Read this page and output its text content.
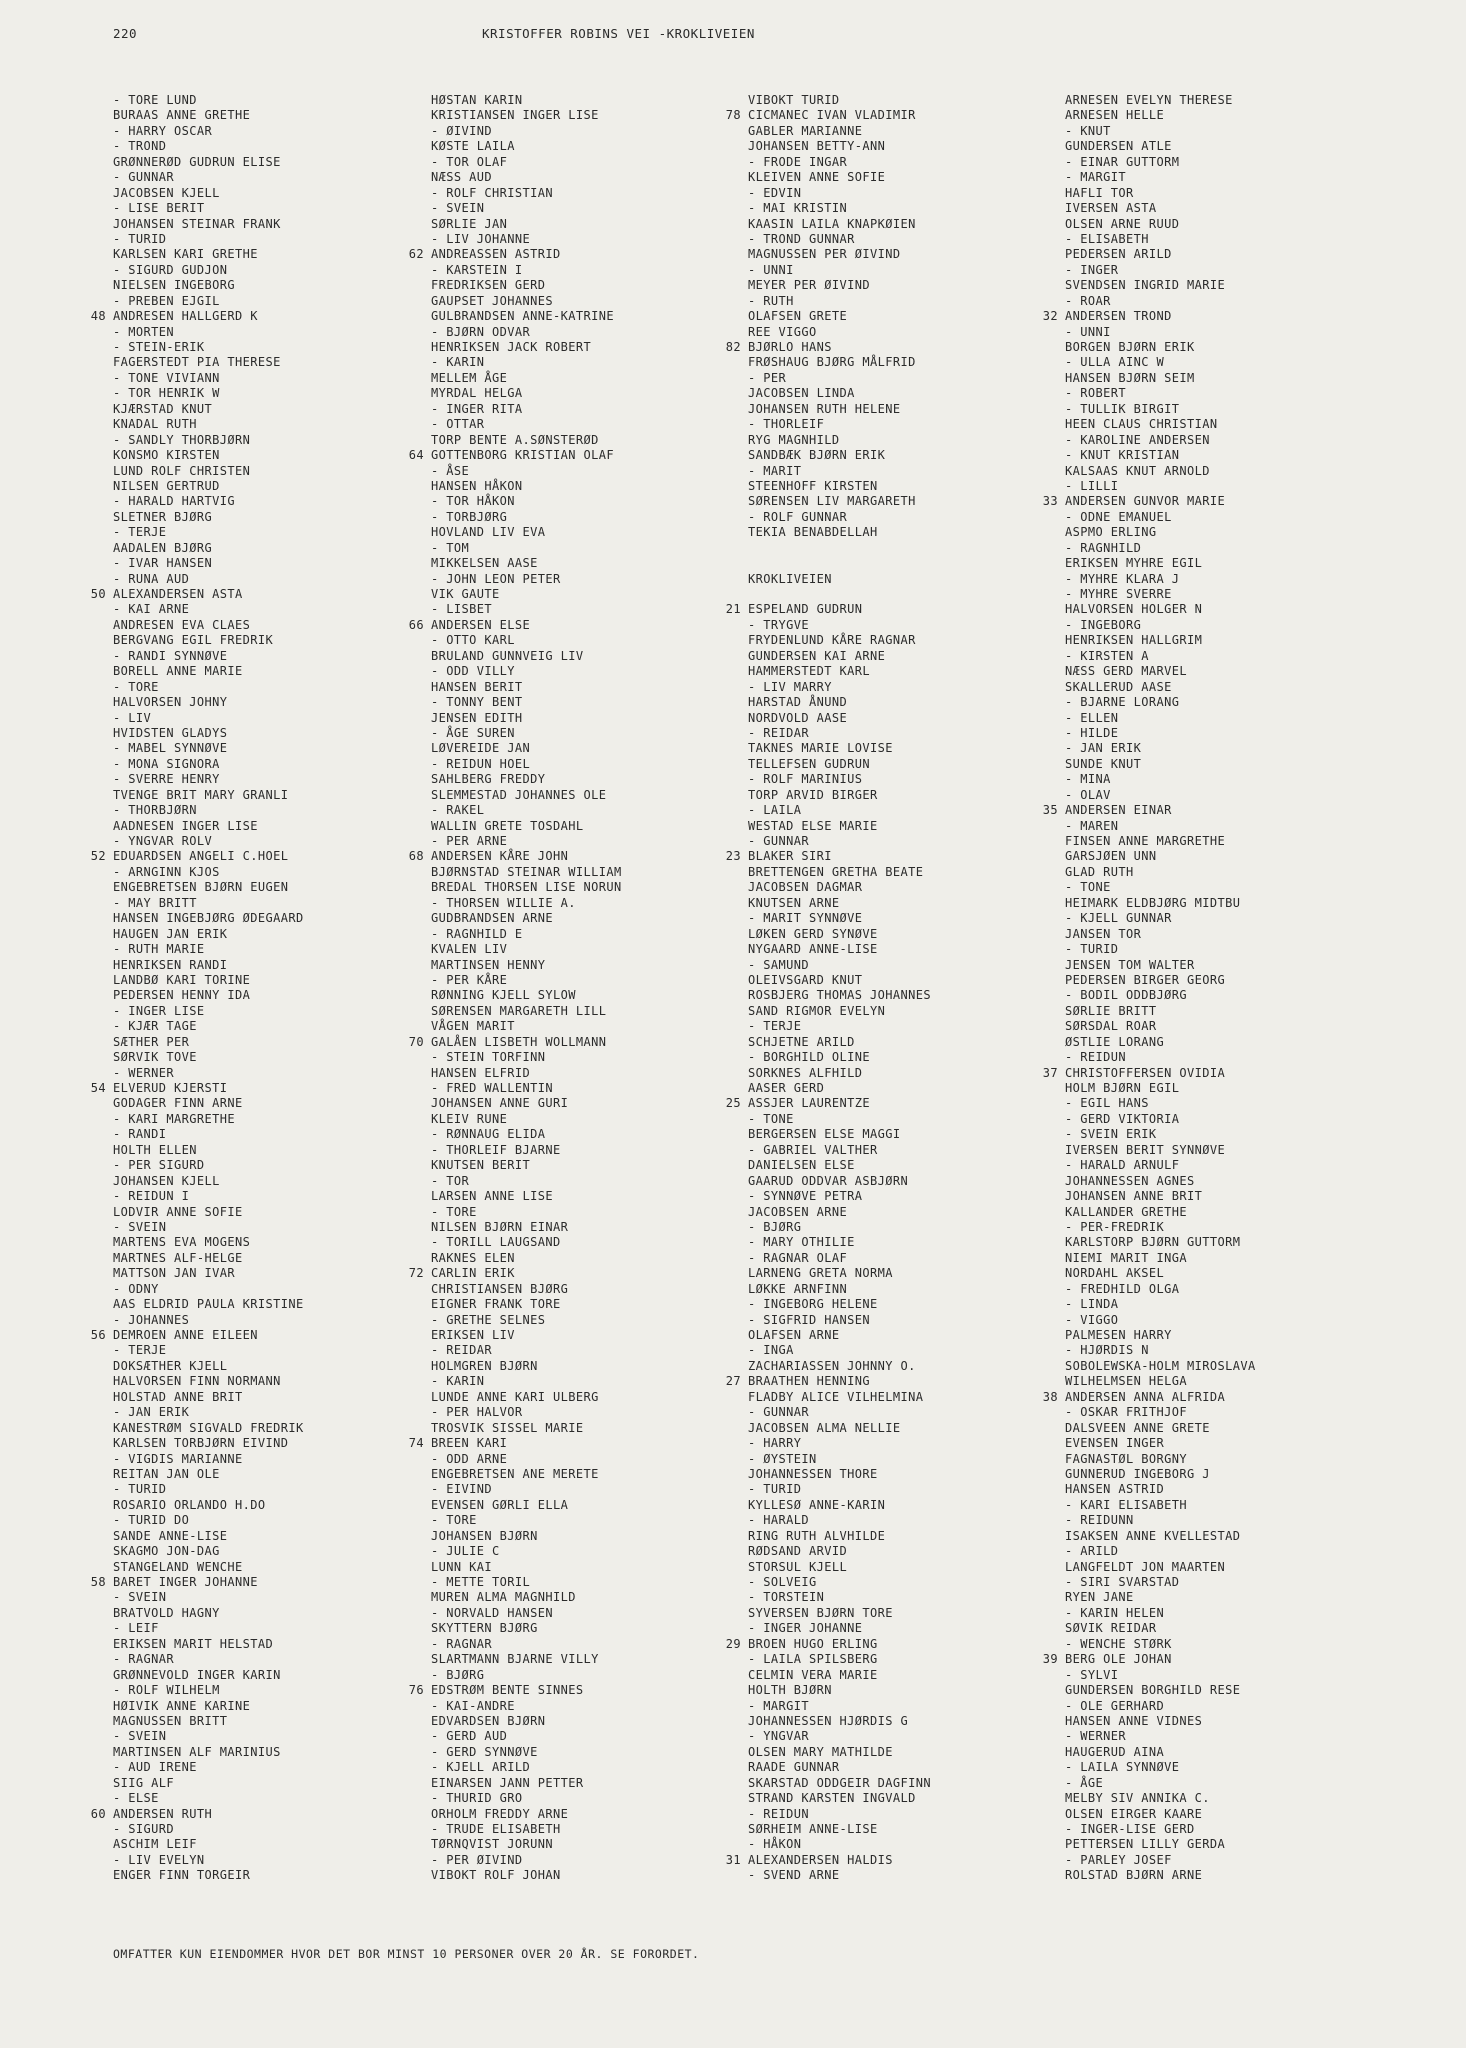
220	KRISTOFFER ROBINS VEI -KROKLIVEIEN
- TORE LUND
BURAAS ANNE GRETHE
- HARRY OSCAR
- TROND
GRØNNERØD GUDRUN ELISE
- GUNNAR
JACOBSEN KJELL
- LISE BERIT
JOHANSEN STEINAR FRANK
- TURID
KARLSEN KARI GRETHE
- SIGURD GUDJON
NIELSEN INGEBORG
- PREBEN EJGIL
48 ANDRESEN HALLGERD K
- MORTEN
- STEIN-ERIK
FAGERSTEDT PIA THERESE
- TONE VIVIANN
- TOR HENRIK W
KJÆRSTAD KNUT
KNADAL RUTH
- SANDLY THORBJØRN
KONSMO KIRSTEN
LUND ROLF CHRISTEN
NILSEN GERTRUD
- HARALD HARTVIG
SLETNER BJØRG
- TERJE
AADALEN BJØRG
- IVAR HANSEN
- RUNA AUD
50 ALEXANDERSEN ASTA
- KAI ARNE
ANDRESEN EVA CLAES
BERGVANG EGIL FREDRIK
- RANDI SYNNØVE
BORELL ANNE MARIE
- TORE
HALVORSEN JOHNY
- LIV
HVIDSTEN GLADYS
- MABEL SYNNØVE
- MONA SIGNORA
- SVERRE HENRY
TVENGE BRIT MARY GRANLI
- THORBJØRN
AADNESEN INGER LISE
- YNGVAR ROLV
52 EDUARDSEN ANGELI C.HOEL
- ARNGINN KJOS
ENGEBRETSEN BJØRN EUGEN
- MAY BRITT
HANSEN INGEBJØRG ØDEGAARD
HAUGEN JAN ERIK
- RUTH MARIE
HENRIKSEN RANDI
LANDBØ KARI TORINE
PEDERSEN HENNY IDA
- INGER LISE
- KJÆR TAGE
SÆTHER PER
SØRVIK TOVE
- WERNER
54 ELVERUD KJERSTI
GODAGER FINN ARNE
- KARI MARGRETHE
- RANDI
HOLTH ELLEN
- PER SIGURD
JOHANSEN KJELL
- REIDUN I
LODVIR ANNE SOFIE
- SVEIN
MARTENS EVA MOGENS
MARTNES ALF-HELGE
MATTSON JAN IVAR
- ODNY
AAS ELDRID PAULA KRISTINE
- JOHANNES
56 DEMROEN ANNE EILEEN
- TERJE
DOKSÆTHER KJELL
HALVORSEN FINN NORMANN
HOLSTAD ANNE BRIT
- JAN ERIK
KANESTRØM SIGVALD FREDRIK
KARLSEN TORBJØRN EIVIND
- VIGDIS MARIANNE
REITAN JAN OLE
- TURID
ROSARIO ORLANDO H.DO
- TURID DO
SANDE ANNE-LISE
SKAGMO JON-DAG
STANGELAND WENCHE
58 BARET INGER JOHANNE
- SVEIN
BRATVOLD HAGNY
- LEIF
ERIKSEN MARIT HELSTAD
- RAGNAR
GRØNNEVOLD INGER KARIN
- ROLF WILHELM
HØIVIK ANNE KARINE
MAGNUSSEN BRITT
- SVEIN
MARTINSEN ALF MARINIUS
- AUD IRENE
SIIG ALF
- ELSE
60 ANDERSEN RUTH
- SIGURD
ASCHIM LEIF
- LIV EVELYN
ENGER FINN TORGEIR
HØSTAN KARIN
KRISTIANSEN INGER LISE
- ØIVIND
KØSTE LAILA
- TOR OLAF
NÆSS AUD
- ROLF CHRISTIAN
- SVEIN
SØRLIE JAN
- LIV JOHANNE
62 ANDREASSEN ASTRID
- KARSTEIN I
FREDRIKSEN GERD
GAUPSET JOHANNES
GULBRANDSEN ANNE-KATRINE
- BJØRN ODVAR
HENRIKSEN JACK ROBERT
- KARIN
MELLEM ÅGE
MYRDAL HELGA
- INGER RITA
- OTTAR
TORP BENTE A.SØNSTERØD
64 GOTTENBORG KRISTIAN OLAF
- ÅSE
HANSEN HÅKON
- TOR HÅKON
- TORBJØRG
HOVLAND LIV EVA
- TOM
MIKKELSEN AASE
- JOHN LEON PETER
VIK GAUTE
- LISBET
66 ANDERSEN ELSE
- OTTO KARL
BRULAND GUNNVEIG LIV
- ODD VILLY
HANSEN BERIT
- TONNY BENT
JENSEN EDITH
- ÅGE SUREN
LØVEREIDE JAN
- REIDUN HOEL
SAHLBERG FREDDY
SLEMMESTAD JOHANNES OLE
- RAKEL
WALLIN GRETE TOSDAHL
- PER ARNE
68 ANDERSEN KÅRE JOHN
BJØRNSTAD STEINAR WILLIAM
BREDAL THORSEN LISE NORUN
- THORSEN WILLIE A.
GUDBRANDSEN ARNE
- RAGNHILD E
KVALEN LIV
MARTINSEN HENNY
- PER KÅRE
RØNNING KJELL SYLOW
SØRENSEN MARGARETH LILL
VÅGEN MARIT
70 GALÅEN LISBETH WOLLMANN
- STEIN TORFINN
HANSEN ELFRID
- FRED WALLENTIN
JOHANSEN ANNE GURI
KLEIV RUNE
- RØNNAUG ELIDA
- THORLEIF BJARNE
KNUTSEN BERIT
- TOR
LARSEN ANNE LISE
- TORE
NILSEN BJØRN EINAR
- TORILL LAUGSAND
RAKNES ELEN
72 CARLIN ERIK
CHRISTIANSEN BJØRG
EIGNER FRANK TORE
- GRETHE SELNES
ERIKSEN LIV
- REIDAR
HOLMGREN BJØRN
- KARIN
LUNDE ANNE KARI ULBERG
- PER HALVOR
TROSVIK SISSEL MARIE
74 BREEN KARI
- ODD ARNE
ENGEBRETSEN ANE MERETE
- EIVIND
EVENSEN GØRLI ELLA
- TORE
JOHANSEN BJØRN
- JULIE C
LUNN KAI
- METTE TORIL
MUREN ALMA MAGNHILD
- NORVALD HANSEN
SKYTTERN BJØRG
- RAGNAR
SLARTMANN BJARNE VILLY
- BJØRG
76 EDSTRØM BENTE SINNES
- KAI-ANDRE
EDVARDSEN BJØRN
- GERD AUD
- GERD SYNNØVE
- KJELL ARILD
EINARSEN JANN PETTER
- THURID GRO
ORHOLM FREDDY ARNE
- TRUDE ELISABETH
TØRNQVIST JORUNN
- PER ØIVIND
VIBOKT ROLF JOHAN
VIBOKT TURID
78 CICMANEC IVAN VLADIMIR
GABLER MARIANNE
JOHANSEN BETTY-ANN
- FRODE INGAR
KLEIVEN ANNE SOFIE
- EDVIN
- MAI KRISTIN
KAASIN LAILA KNAPKØIEN
- TROND GUNNAR
MAGNUSSEN PER ØIVIND
- UNNI
MEYER PER ØIVIND
- RUTH
OLAFSEN GRETE
REE VIGGO
82 BJØRLO HANS
FRØSHAUG BJØRG MÅLFRID
- PER
JACOBSEN LINDA
JOHANSEN RUTH HELENE
- THORLEIF
RYG MAGNHILD
SANDBÆK BJØRN ERIK
- MARIT
STEENHOFF KIRSTEN
SØRENSEN LIV MARGARETH
- ROLF GUNNAR
TEKIA BENABDELLAH
KROKLIVEIEN
21 ESPELAND GUDRUN
- TRYGVE
FRYDENLUND KÅRE RAGNAR
GUNDERSEN KAI ARNE
HAMMERSTEDT KARL
- LIV MARRY
HARSTAD ÅNUND
NORDVOLD AASE
- REIDAR
TAKNES MARIE LOVISE
TELLEFSEN GUDRUN
- ROLF MARINIUS
TORP ARVID BIRGER
- LAILA
WESTAD ELSE MARIE
- GUNNAR
23 BLAKER SIRI
BRETTENGEN GRETHA BEATE
JACOBSEN DAGMAR
KNUTSEN ARNE
- MARIT SYNNØVE
LØKEN GERD SYNØVE
NYGAARD ANNE-LISE
- SAMUND
OLEIVSGARD KNUT
ROSBJERG THOMAS JOHANNES
SAND RIGMOR EVELYN
- TERJE
SCHJETNE ARILD
- BORGHILD OLINE
SORKNES ALFHILD
AASER GERD
25 ASSJER LAURENTZE
- TONE
BERGERSEN ELSE MAGGI
- GABRIEL VALTHER
DANIELSEN ELSE
GAARUD ODDVAR ASBJØRN
- SYNNØVE PETRA
JACOBSEN ARNE
- BJØRG
- MARY OTHILIE
- RAGNAR OLAF
LARNENG GRETA NORMA
LØKKE ARNFINN
- INGEBORG HELENE
- SIGFRID HANSEN
OLAFSEN ARNE
- INGA
ZACHARIASSEN JOHNNY O.
27 BRAATHEN HENNING
FLADBY ALICE VILHELMINA
- GUNNAR
JACOBSEN ALMA NELLIE
- HARRY
- ØYSTEIN
JOHANNESSEN THORE
- TURID
KYLLESØ ANNE-KARIN
- HARALD
RING RUTH ALVHILDE
RØDSAND ARVID
STORSUL KJELL
- SOLVEIG
- TORSTEIN
SYVERSEN BJØRN TORE
- INGER JOHANNE
29 BROEN HUGO ERLING
- LAILA SPILSBERG
CELMIN VERA MARIE
HOLTH BJØRN
- MARGIT
JOHANNESSEN HJØRDIS G
- YNGVAR
OLSEN MARY MATHILDE
RAADE GUNNAR
SKARSTAD ODDGEIR DAGFINN
STRAND KARSTEN INGVALD
- REIDUN
SØRHEIM ANNE-LISE
- HÅKON
31 ALEXANDERSEN HALDIS
- SVEND ARNE
ARNESEN EVELYN THERESE
ARNESEN HELLE
- KNUT
GUNDERSEN ATLE
- EINAR GUTTORM
- MARGIT
HAFLI TOR
IVERSEN ASTA
OLSEN ARNE RUUD
- ELISABETH
PEDERSEN ARILD
- INGER
SVENDSEN INGRID MARIE
- ROAR
32 ANDERSEN TROND
- UNNI
BORGEN BJØRN ERIK
- ULLA AINC W
HANSEN BJØRN SEIM
- ROBERT
- TULLIK BIRGIT
HEEN CLAUS CHRISTIAN
- KAROLINE ANDERSEN
- KNUT KRISTIAN
KALSAAS KNUT ARNOLD
- LILLI
33 ANDERSEN GUNVOR MARIE
- ODNE EMANUEL
ASPMO ERLING
- RAGNHILD
ERIKSEN MYHRE EGIL
- MYHRE KLARA J
- MYHRE SVERRE
HALVORSEN HOLGER N
- INGEBORG
HENRIKSEN HALLGRIM
- KIRSTEN A
NÆSS GERD MARVEL
SKALLERUD AASE
- BJARNE LORANG
- ELLEN
- HILDE
- JAN ERIK
SUNDE KNUT
- MINA
- OLAV
35 ANDERSEN EINAR
- MAREN
FINSEN ANNE MARGRETHE
GARSJØEN UNN
GLAD RUTH
- TONE
HEIMARK ELDBJØRG MIDTBU
- KJELL GUNNAR
JANSEN TOR
- TURID
JENSEN TOM WALTER
PEDERSEN BIRGER GEORG
- BODIL ODDBJØRG
SØRLIE BRITT
SØRSDAL ROAR
ØSTLIE LORANG
- REIDUN
37 CHRISTOFFERSEN OVIDIA
HOLM BJØRN EGIL
- EGIL HANS
- GERD VIKTORIA
- SVEIN ERIK
IVERSEN BERIT SYNNØVE
- HARALD ARNULF
JOHANNESSEN AGNES
JOHANSEN ANNE BRIT
KALLANDER GRETHE
- PER-FREDRIK
KARLSTORP BJØRN GUTTORM
NIEMI MARIT INGA
NORDAHL AKSEL
- FREDHILD OLGA
- LINDA
- VIGGO
PALMESEN HARRY
- HJØRDIS N
SOBOLEWSKA-HOLM MIROSLAVA
WILHELMSEN HELGA
38 ANDERSEN ANNA ALFRIDA
- OSKAR FRITHJOF
DALSVEEN ANNE GRETE
EVENSEN INGER
FAGNASTØL BORGNY
GUNNERUD INGEBORG J
HANSEN ASTRID
- KARI ELISABETH
- REIDUNN
ISAKSEN ANNE KVELLESTAD
- ARILD
LANGFELDT JON MAARTEN
- SIRI SVARSTAD
RYEN JANE
- KARIN HELEN
SØVIK REIDAR
- WENCHE STØRK
39 BERG OLE JOHAN
- SYLVI
GUNDERSEN BORGHILD RESE
- OLE GERHARD
HANSEN ANNE VIDNES
- WERNER
HAUGERUD AINA
- LAILA SYNNØVE
- ÅGE
MELBY SIV ANNIKA C.
OLSEN EIRGER KAARE
- INGER-LISE GERD
PETTERSEN LILLY GERDA
- PARLEY JOSEF
ROLSTAD BJØRN ARNE
OMFATTER KUN EIENDOMMER HVOR DET BOR MINST 10 PERSONER OVER 20 ÅR. SE FORORDET.
